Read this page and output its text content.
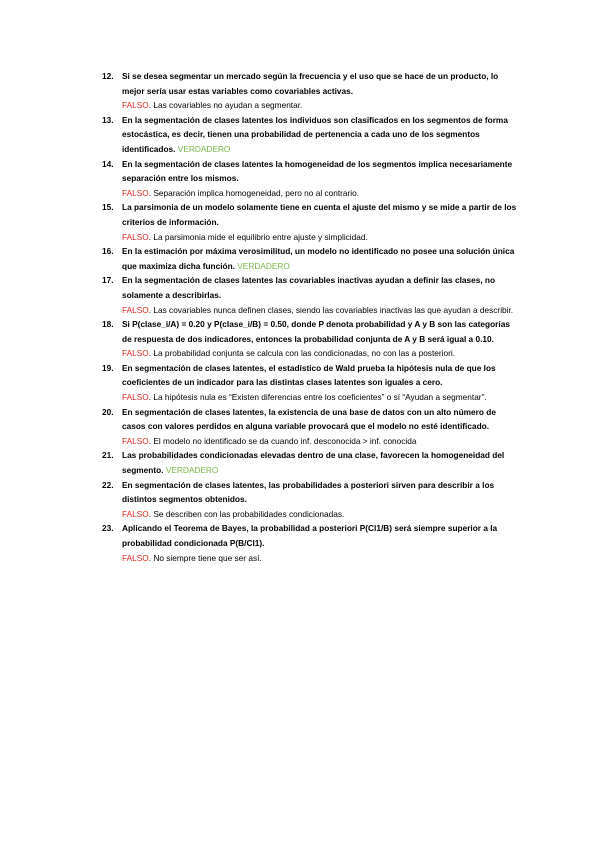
12. Si se desea segmentar un mercado según la frecuencia y el uso que se hace de un producto, lo mejor sería usar estas variables como covariables activas.
FALSO. Las covariables no ayudan a segmentar.
13. En la segmentación de clases latentes los individuos son clasificados en los segmentos de forma estocástica, es decir, tienen una probabilidad de pertenencia a cada uno de los segmentos identificados. VERDADERO
14. En la segmentación de clases latentes la homogeneidad de los segmentos implica necesariamente separación entre los mismos.
FALSO. Separación implica homogeneidad, pero no al contrario.
15. La parsimonia de un modelo solamente tiene en cuenta el ajuste del mismo y se mide a partir de los criterios de información.
FALSO. La parsimonia mide el equilibrio entre ajuste y simplicidad.
16. En la estimación por máxima verosimilitud, un modelo no identificado no posee una solución única que maximiza dicha función. VERDADERO
17. En la segmentación de clases latentes las covariables inactivas ayudan a definir las clases, no solamente a describirlas.
FALSO. Las covariables nunca definen clases, siendo las covariables inactivas las que ayudan a describir.
18. Si P(clase_i/A) = 0.20 y P(clase_i/B) = 0.50, donde P denota probabilidad y A y B son las categorías de respuesta de dos indicadores, entonces la probabilidad conjunta de A y B será igual a 0.10.
FALSO. La probabilidad conjunta se calcula con las condicionadas, no con las a posteriori.
19. En segmentación de clases latentes, el estadístico de Wald prueba la hipótesis nula de que los coeficientes de un indicador para las distintas clases latentes son iguales a cero.
FALSO. La hipótesis nula es “Existen diferencias entre los coeficientes” o sí “Ayudan a segmentar”.
20. En segmentación de clases latentes, la existencia de una base de datos con un alto número de casos con valores perdidos en alguna variable provocará que el modelo no esté identificado.
FALSO. El modelo no identificado se da cuando inf. desconocida > inf. conocida
21. Las probabilidades condicionadas elevadas dentro de una clase, favorecen la homogeneidad del segmento. VERDADERO
22. En segmentación de clases latentes, las probabilidades a posteriori sirven para describir a los distintos segmentos obtenidos.
FALSO. Se describen con las probabilidades condicionadas.
23. Aplicando el Teorema de Bayes, la probabilidad a posteriori P(Cl1/B) será siempre superior a la probabilidad condicionada P(B/Cl1).
FALSO. No siempre tiene que ser así.
